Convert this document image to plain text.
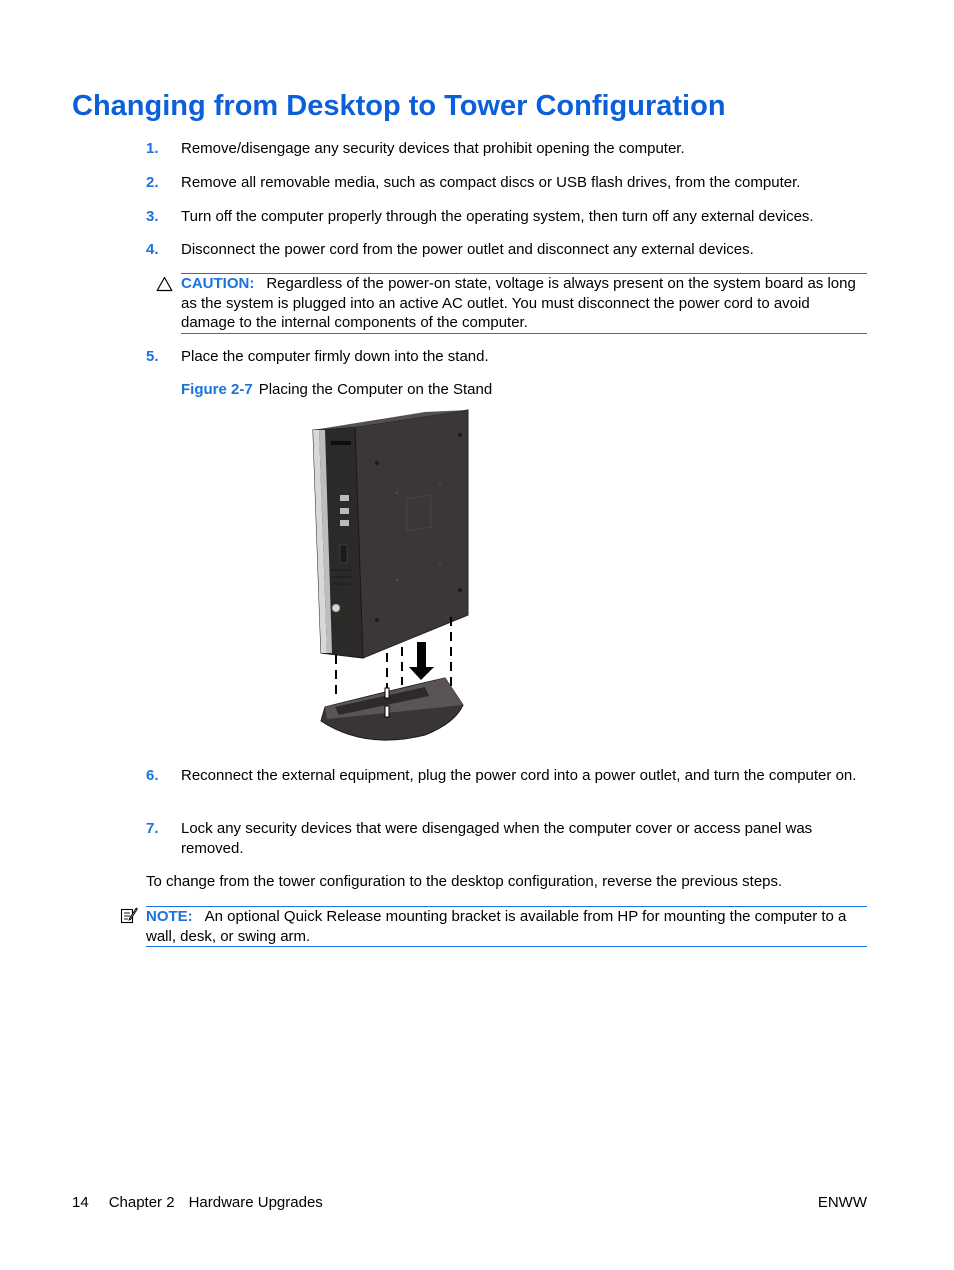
Changing from Desktop to Tower Configuration
1. Remove/disengage any security devices that prohibit opening the computer.
2. Remove all removable media, such as compact discs or USB flash drives, from the computer.
3. Turn off the computer properly through the operating system, then turn off any external devices.
4. Disconnect the power cord from the power outlet and disconnect any external devices.
CAUTION: Regardless of the power-on state, voltage is always present on the system board as long as the system is plugged into an active AC outlet. You must disconnect the power cord to avoid damage to the internal components of the computer.
5. Place the computer firmly down into the stand.
Figure 2-7 Placing the Computer on the Stand
6. Reconnect the external equipment, plug the power cord into a power outlet, and turn the computer on.
7. Lock any security devices that were disengaged when the computer cover or access panel was removed.
To change from the tower configuration to the desktop configuration, reverse the previous steps.
NOTE: An optional Quick Release mounting bracket is available from HP for mounting the computer to a wall, desk, or swing arm.
14 Chapter 2 Hardware Upgrades	ENWW
